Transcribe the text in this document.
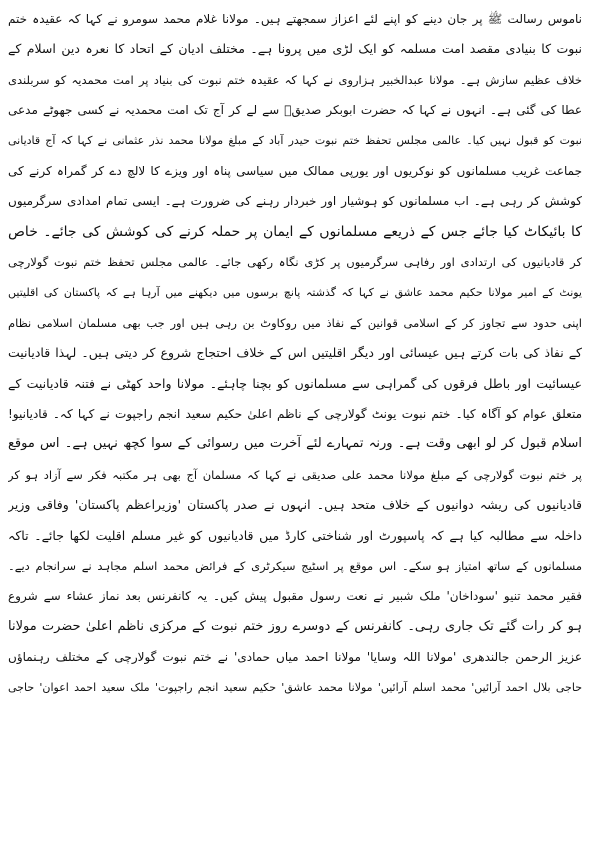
ناموس رسالت ﷺ پر جان دینے کو اپنے لئے اعزاز سمجھتے ہیں۔ مولانا غلام محمد سومرو نے کہا کہ عقیدہ ختم
نبوت کا بنیادی مقصد امت مسلمہ کو ایک لڑی میں پرونا ہے۔ مختلف ادیان کے اتحاد کا نعرہ دین اسلام کے
خلاف عظیم سازش ہے۔ مولانا عبدالخبیر ہزاروی نے کہا کہ عقیدہ ختم نبوت کی بنیاد پر امت محمدیہ کو سربلندی
عطا کی گئی ہے۔ انہوں نے کہا کہ حضرت ابوبکر صدیقؓ سے لے کر آج تک امت محمدیہ نے کسی جھوٹے مدعی
نبوت کو قبول نہیں کیا۔ عالمی مجلس تحفظ ختم نبوت حیدر آباد کے مبلغ مولانا محمد نذر عثمانی نے کہا کہ آج قادیانی
جماعت غریب مسلمانوں کو نوکریوں اور یورپی ممالک میں سیاسی پناہ اور ویزے کا لالچ دے کر گمراہ کرنے کی
کوشش کر رہی ہے۔ اب مسلمانوں کو ہوشیار اور خبردار رہنے کی ضرورت ہے۔ ایسی تمام امدادی سرگرمیوں
کا بائیکاٹ کیا جائے جس کے ذریعے مسلمانوں کے ایمان پر حملہ کرنے کی کوشش کی جائے۔ خاص
کر قادیانیوں کی ارتدادی اور رفاہی سرگرمیوں پر کڑی نگاہ رکھی جائے۔ عالمی مجلس تحفظ ختم نبوت گولارچی
یونٹ کے امیر مولانا حکیم محمد عاشق نے کہا کہ گذشتہ پانچ برسوں میں دیکھنے میں آرہا ہے کہ پاکستان کی اقلیتیں
اپنی حدود سے تجاوز کر کے اسلامی قوانین کے نفاذ میں روکاوٹ بن رہی ہیں اور جب بھی مسلمان اسلامی نظام
کے نفاذ کی بات کرتے ہیں عیسائی اور دیگر اقلیتیں اس کے خلاف احتجاج شروع کر دیتی ہیں۔ لہذا قادیانیت
عیسائیت اور باطل فرقوں کی گمراہی سے مسلمانوں کو بچنا چاہئے۔ مولانا واحد کھٹی نے فتنہ قادیانیت کے
متعلق عوام کو آگاہ کیا۔ ختم نبوت یونٹ گولارچی کے ناظم اعلیٰ حکیم سعید انجم راجپوت نے کہا کہ۔ قادیانیو!
اسلام قبول کر لو ابھی وقت ہے۔ ورنہ تمہارے لئے آخرت میں رسوائی کے سوا کچھ نہیں ہے۔ اس موقع
پر ختم نبوت گولارچی کے مبلغ مولانا محمد علی صدیقی نے کہا کہ مسلمان آج بھی ہر مکتبہ فکر سے آزاد ہو کر
قادیانیوں کی ریشہ دوانیوں کے خلاف متحد ہیں۔ انہوں نے صدر پاکستان 'وزیراعظم پاکستان' وفاقی وزیر
داخلہ سے مطالبہ کیا ہے کہ پاسپورٹ اور شناختی کارڈ میں قادیانیوں کو غیر مسلم اقلیت لکھا جائے۔ تاکہ
مسلمانوں کے ساتھ امتیاز ہو سکے۔ اس موقع پر اسٹیج سیکرٹری کے فرائض محمد اسلم مجاہد نے سرانجام دیے۔
فقیر محمد تنیو 'سوداخان' ملک شبیر نے نعت رسول مقبول پیش کیں۔ یہ کانفرنس بعد نماز عشاء سے شروع
ہو کر رات گئے تک جاری رہی۔ کانفرنس کے دوسرے روز ختم نبوت کے مرکزی ناظم اعلیٰ حضرت مولانا
عزیز الرحمن جالندھری 'مولانا اللہ وسایا' مولانا احمد میاں حمادی' نے ختم نبوت گولارچی کے مختلف رہنماؤں
حاجی بلال احمد آرائیں' محمد اسلم آرائیں' مولانا محمد عاشق' حکیم سعید انجم راجپوت' ملک سعید احمد اعوان' حاجی
